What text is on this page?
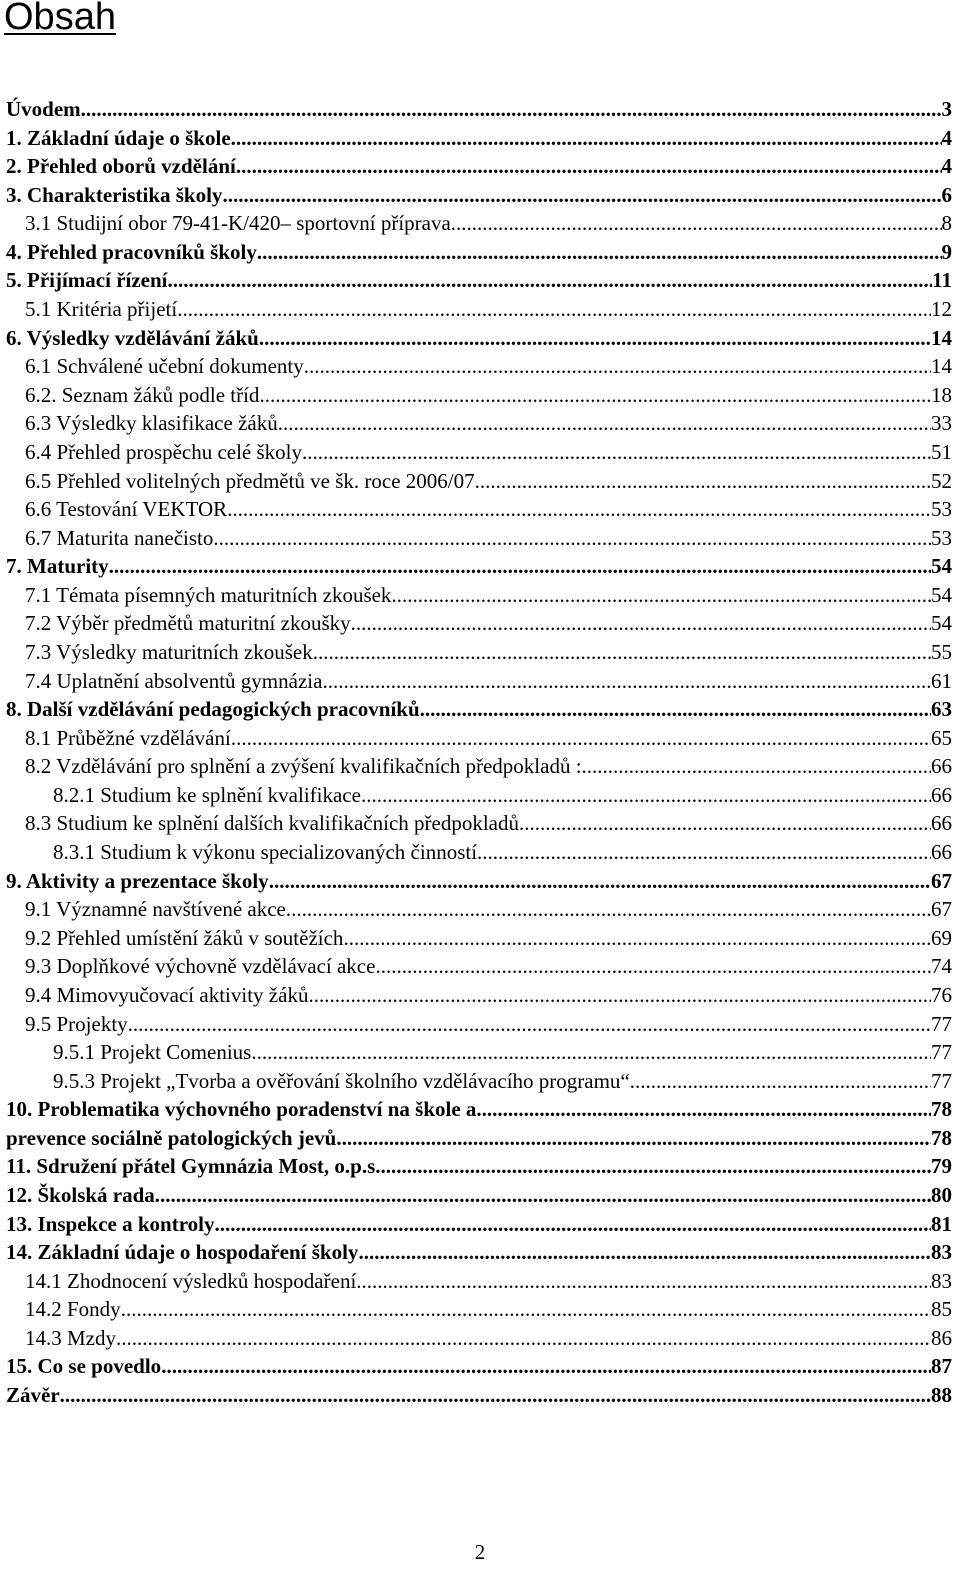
Obsah
Úvodem .....	3
1. Základní údaje o škole .....	4
2. Přehled oborů vzdělání .....	4
3. Charakteristika školy .....	6
3.1 Studijní obor 79-41-K/420– sportovní příprava .....	8
4. Přehled pracovníků školy .....	9
5. Přijímací řízení .....	11
5.1 Kritéria přijetí .....	12
6. Výsledky vzdělávání žáků .....	14
6.1 Schválené učební dokumenty .....	14
6.2. Seznam žáků podle tříd .....	18
6.3 Výsledky klasifikace žáků .....	33
6.4 Přehled prospěchu celé školy .....	51
6.5 Přehled volitelných předmětů ve šk. roce 2006/07 .....	52
6.6 Testování VEKTOR .....	53
6.7 Maturita nanečisto .....	53
7. Maturity .....	54
7.1 Témata písemných maturitních zkoušek .....	54
7.2 Výběr předmětů maturitní zkoušky .....	54
7.3 Výsledky maturitních zkoušek .....	55
7.4 Uplatnění absolventů gymnázia .....	61
8. Další vzdělávání pedagogických pracovníků .....	63
8.1 Průběžné vzdělávání .....	65
8.2 Vzdělávání pro splnění a zvýšení kvalifikačních předpokladů : .....	66
8.2.1 Studium ke splnění kvalifikace .....	66
8.3 Studium ke splnění dalších kvalifikačních předpokladů .....	66
8.3.1 Studium k výkonu specializovaných činností .....	66
9. Aktivity a prezentace školy .....	67
9.1 Významné navštívené akce .....	67
9.2 Přehled umístění žáků v soutěžích .....	69
9.3 Doplňkové výchovně vzdělávací akce .....	74
9.4 Mimovyučovací aktivity žáků .....	76
9.5 Projekty .....	77
9.5.1 Projekt Comenius .....	77
9.5.3 Projekt „Tvorba a ověřování školního vzdělávacího programu“ .....	77
10. Problematika výchovného poradenství na škole a .....	78
prevence sociálně patologických jevů .....	78
11. Sdružení přátel Gymnázia Most, o.p.s. .....	79
12. Školská rada .....	80
13. Inspekce a kontroly .....	81
14. Základní údaje o hospodaření školy .....	83
14.1 Zhodnocení výsledků hospodaření .....	83
14.2 Fondy .....	85
14.3 Mzdy .....	86
15. Co se povedlo .....	87
Závěr .....	88
2
